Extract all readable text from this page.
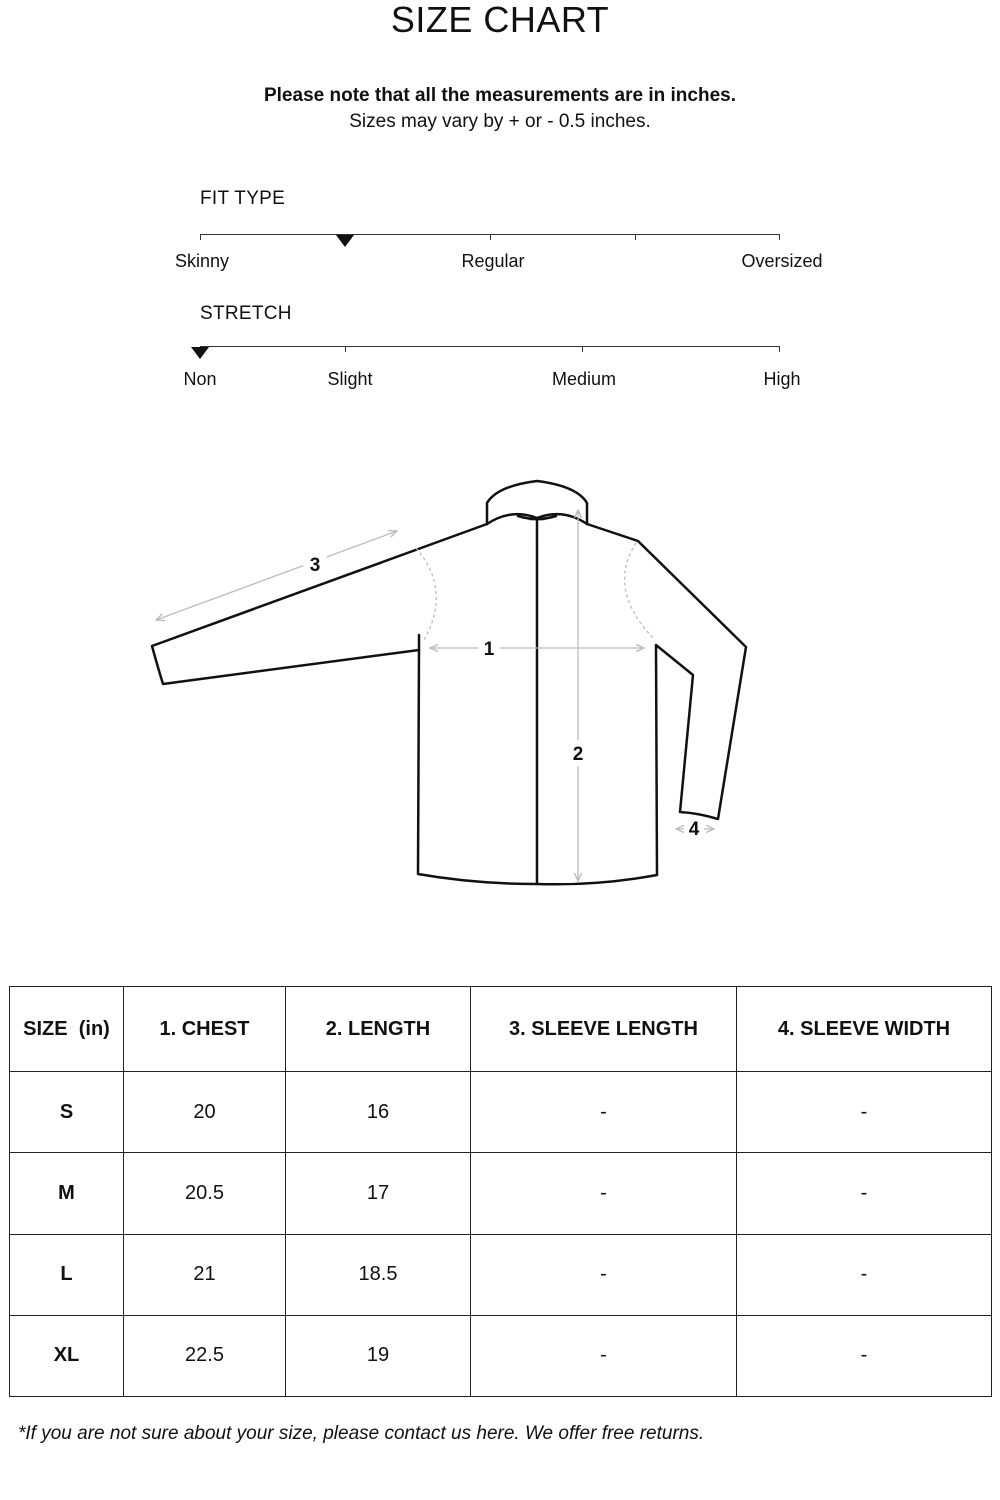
SIZE CHART
Please note that all the measurements are in inches.
Sizes may vary by + or - 0.5 inches.
FIT TYPE
Skinny	Regular	Oversized
STRETCH
Non	Slight	Medium	High
1
2
3
4
SIZE  (in)	1. CHEST	2. LENGTH	3. SLEEVE LENGTH	4. SLEEVE WIDTH
S	20	16	-	-
M	20.5	17	-	-
L	21	18.5	-	-
XL	22.5	19	-	-
*If you are not sure about your size, please contact us here. We offer free returns.
